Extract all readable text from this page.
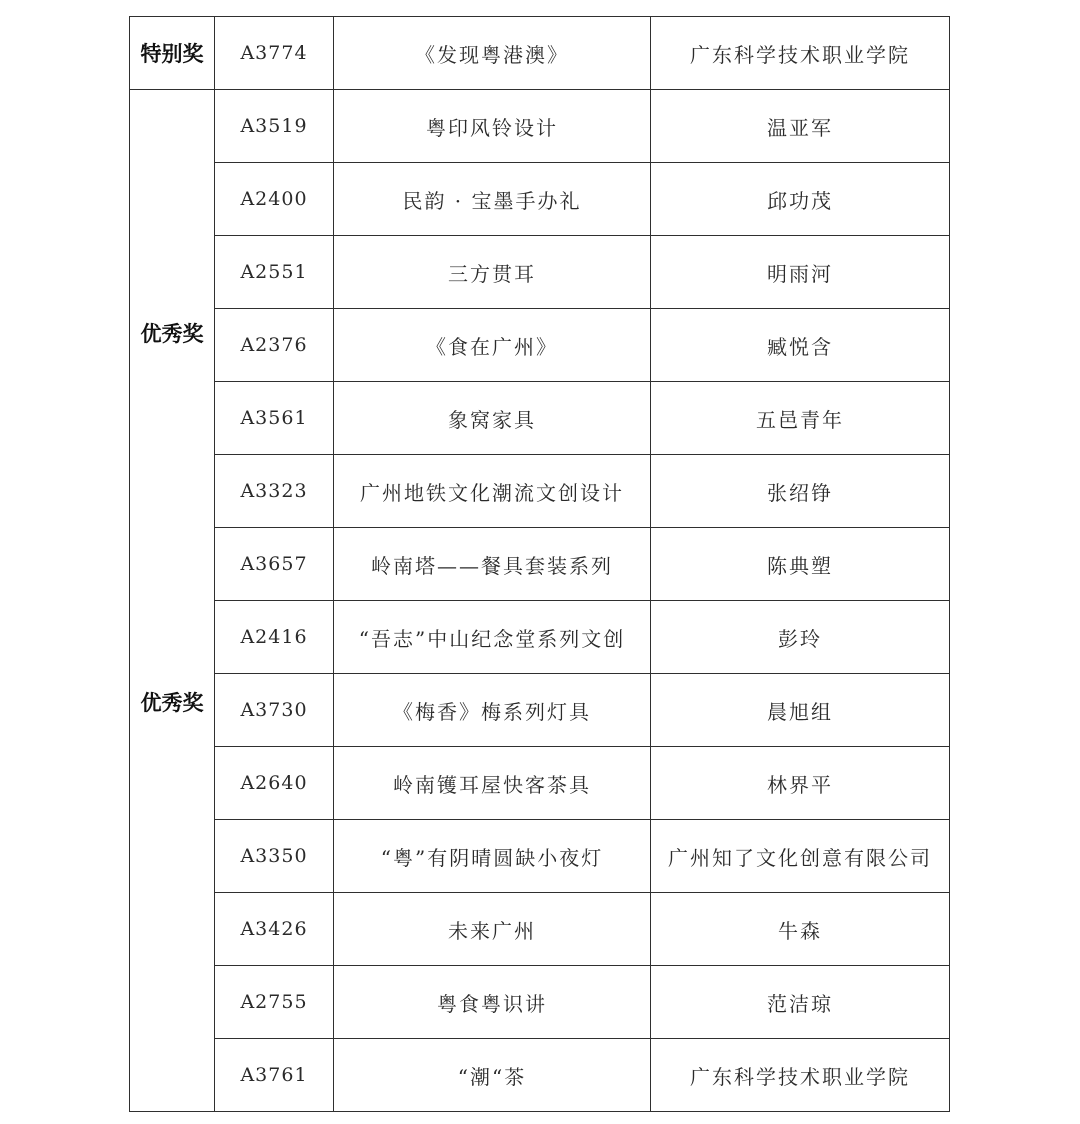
特别奖	A3774	《发现粤港澳》	广东科学技术职业学院

优秀奖
优秀奖	A3519	粤印风铃设计	温亚军
	A2400	民韵 · 宝墨手办礼	邱功茂
	A2551	三方贯耳	明雨河
	A2376	《食在广州》	臧悦含
	A3561	象窝家具	五邑青年
	A3323	广州地铁文化潮流文创设计	张绍铮
	A3657	岭南塔——餐具套装系列	陈典塑
	A2416	“吾志”中山纪念堂系列文创	彭玲
	A3730	《梅香》梅系列灯具	晨旭组
	A2640	岭南镬耳屋快客茶具	林界平
	A3350	“粤”有阴晴圆缺小夜灯	广州知了文化创意有限公司
	A3426	未来广州	牛森
	A2755	粤食粤识讲	范洁琼
	A3761	“潮“茶	广东科学技术职业学院
